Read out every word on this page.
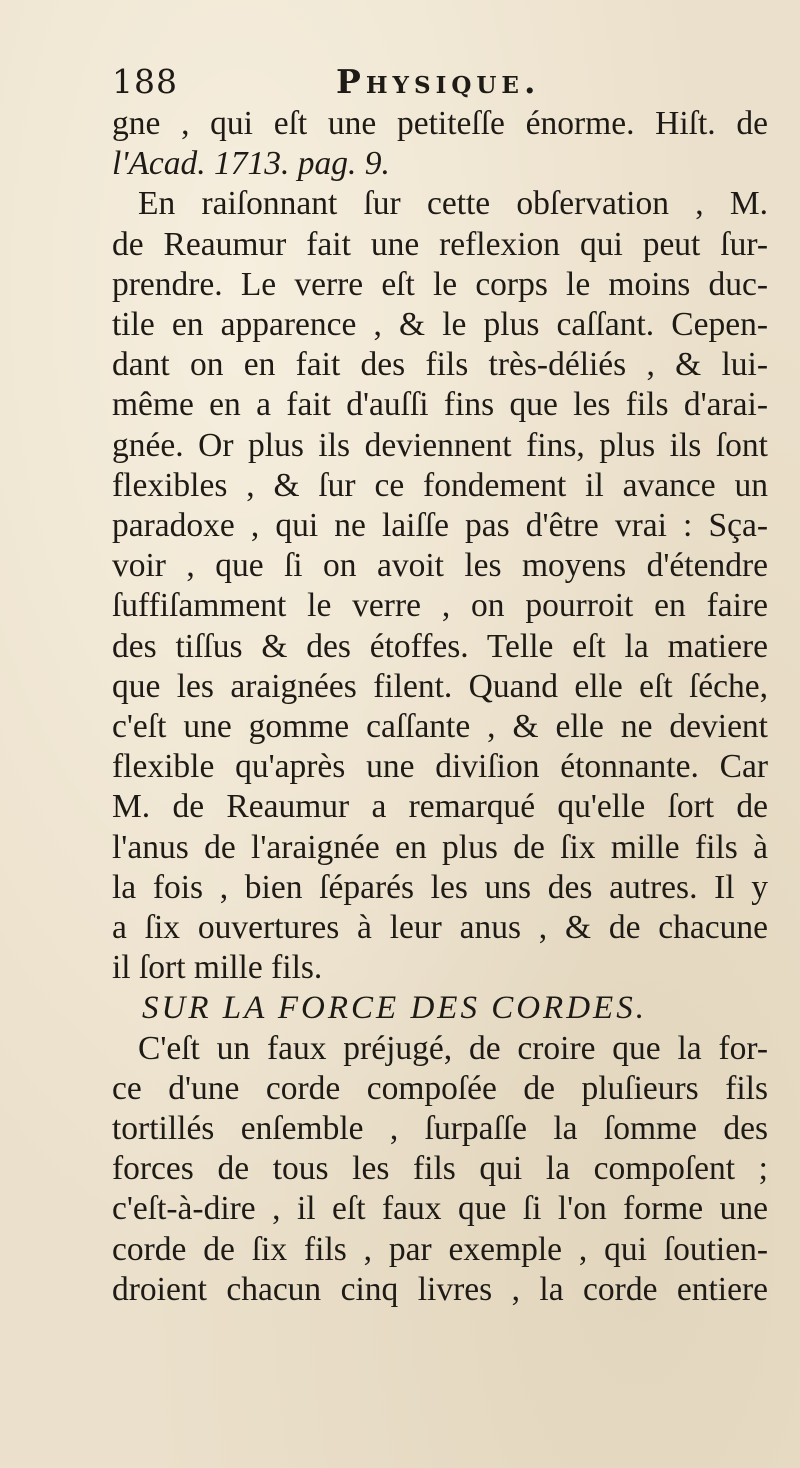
188	Physique.
gne , qui eſt une petiteſſe énorme. Hiſt. de
l'Acad. 1713. pag. 9.
En raiſonnant ſur cette obſervation , M.
de Reaumur fait une reflexion qui peut ſur-
prendre. Le verre eſt le corps le moins duc-
tile en apparence , & le plus caſſant. Cepen-
dant on en fait des fils très-déliés , & lui-
même en a fait d'auſſi fins que les fils d'arai-
gnée. Or plus ils deviennent fins, plus ils ſont
flexibles , & ſur ce fondement il avance un
paradoxe , qui ne laiſſe pas d'être vrai : Sça-
voir , que ſi on avoit les moyens d'étendre
ſuffiſamment le verre , on pourroit en faire
des tiſſus & des étoffes. Telle eſt la matiere
que les araignées filent. Quand elle eſt ſéche,
c'eſt une gomme caſſante , & elle ne devient
flexible qu'après une diviſion étonnante. Car
M. de Reaumur a remarqué qu'elle ſort de
l'anus de l'araignée en plus de ſix mille fils à
la fois , bien ſéparés les uns des autres. Il y
a ſix ouvertures à leur anus , & de chacune
il ſort mille fils.
SUR LA FORCE DES CORDES.
C'eſt un faux préjugé, de croire que la for-
ce d'une corde compoſée de pluſieurs fils
tortillés enſemble , ſurpaſſe la ſomme des
forces de tous les fils qui la compoſent ;
c'eſt-à-dire , il eſt faux que ſi l'on forme une
corde de ſix fils , par exemple , qui ſoutien-
droient chacun cinq livres , la corde entiere
